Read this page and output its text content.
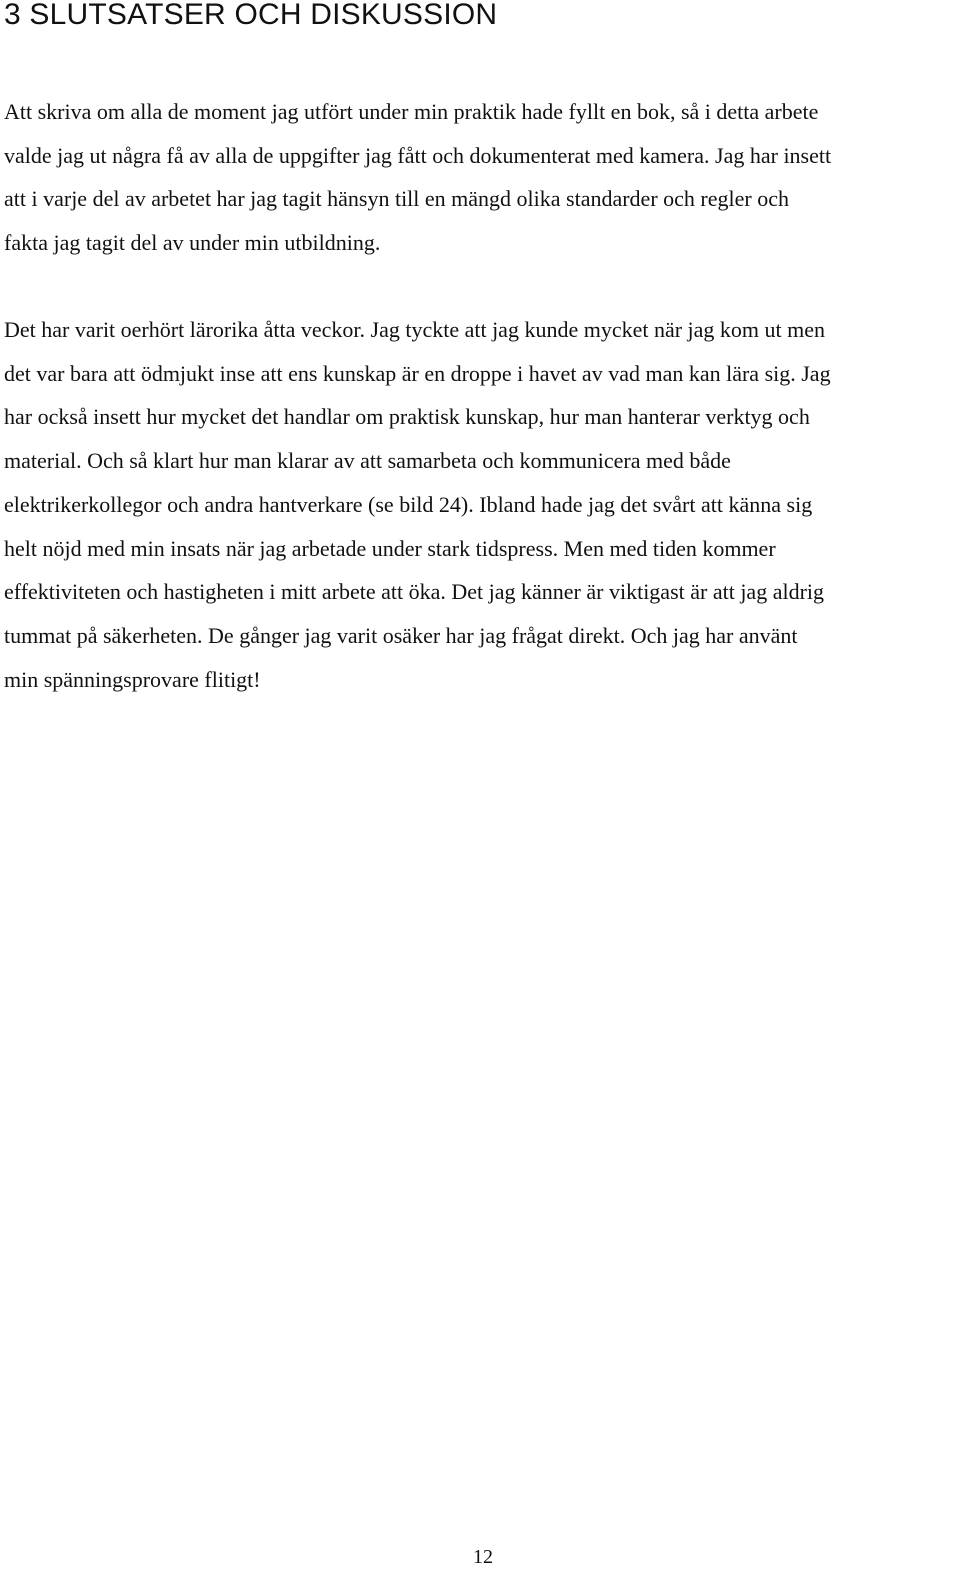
3 SLUTSATSER OCH DISKUSSION

Att skriva om alla de moment jag utfört under min praktik hade fyllt en bok, så i detta arbete
valde jag ut några få av alla de uppgifter jag fått och dokumenterat med kamera. Jag har insett
att i varje del av arbetet har jag tagit hänsyn till en mängd olika standarder och regler och
fakta jag tagit del av under min utbildning.

Det har varit oerhört lärorika åtta veckor. Jag tyckte att jag kunde mycket när jag kom ut men
det var bara att ödmjukt inse att ens kunskap är en droppe i havet av vad man kan lära sig. Jag
har också insett hur mycket det handlar om praktisk kunskap, hur man hanterar verktyg och
material. Och så klart hur man klarar av att samarbeta och kommunicera med både
elektrikerkollegor och andra hantverkare (se bild 24). Ibland hade jag det svårt att känna sig
helt nöjd med min insats när jag arbetade under stark tidspress. Men med tiden kommer
effektiviteten och hastigheten i mitt arbete att öka. Det jag känner är viktigast är att jag aldrig
tummat på säkerheten. De gånger jag varit osäker har jag frågat direkt. Och jag har använt
min spänningsprovare flitigt!

12
